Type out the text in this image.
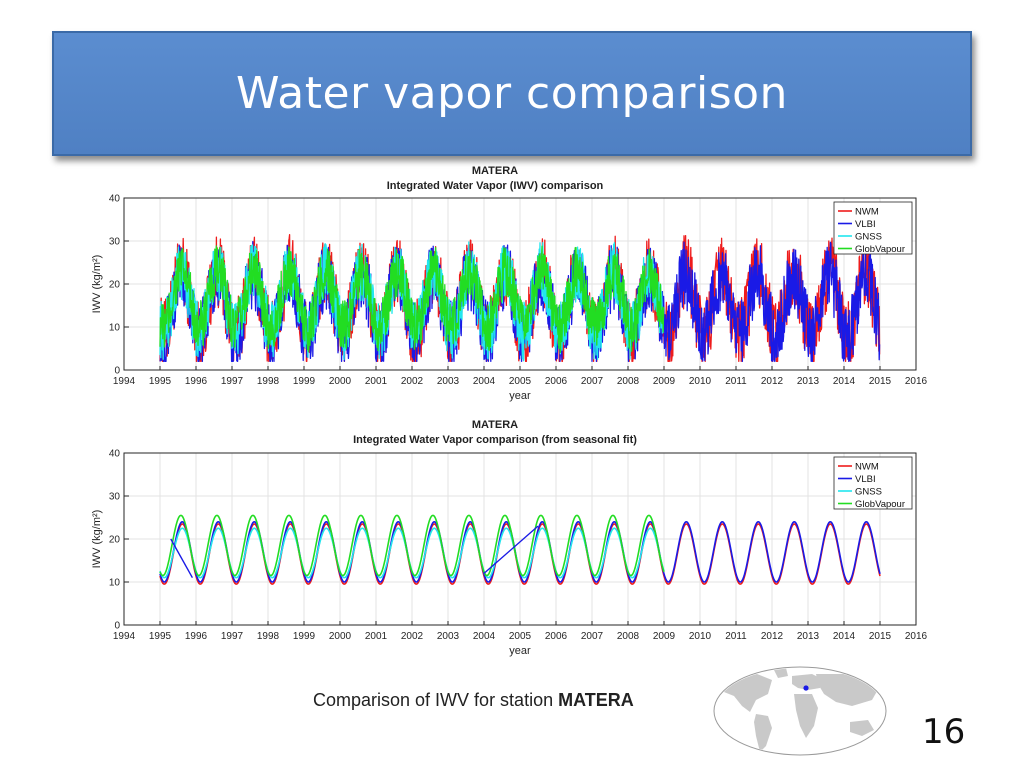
Water vapor comparison
MATERA
Integrated Water Vapor (IWV) comparison
1994 1995 1996 1997 1998 1999 2000 2001 2002 2003 2004 2005 2006 2007 2008 2009 2010 2011 2012 2013 2014 2015 2016
0
10
20
30
40
year
IWV (kg/m²)
NWM
VLBI
GNSS
GlobVapour
MATERA
Integrated Water Vapor comparison (from seasonal fit)
1994 1995 1996 1997 1998 1999 2000 2001 2002 2003 2004 2005 2006 2007 2008 2009 2010 2011 2012 2013 2014 2015 2016
0
10
20
30
40
year
IWV (kg/m²)
NWM
VLBI
GNSS
GlobVapour
Comparison of IWV for station MATERA
16
